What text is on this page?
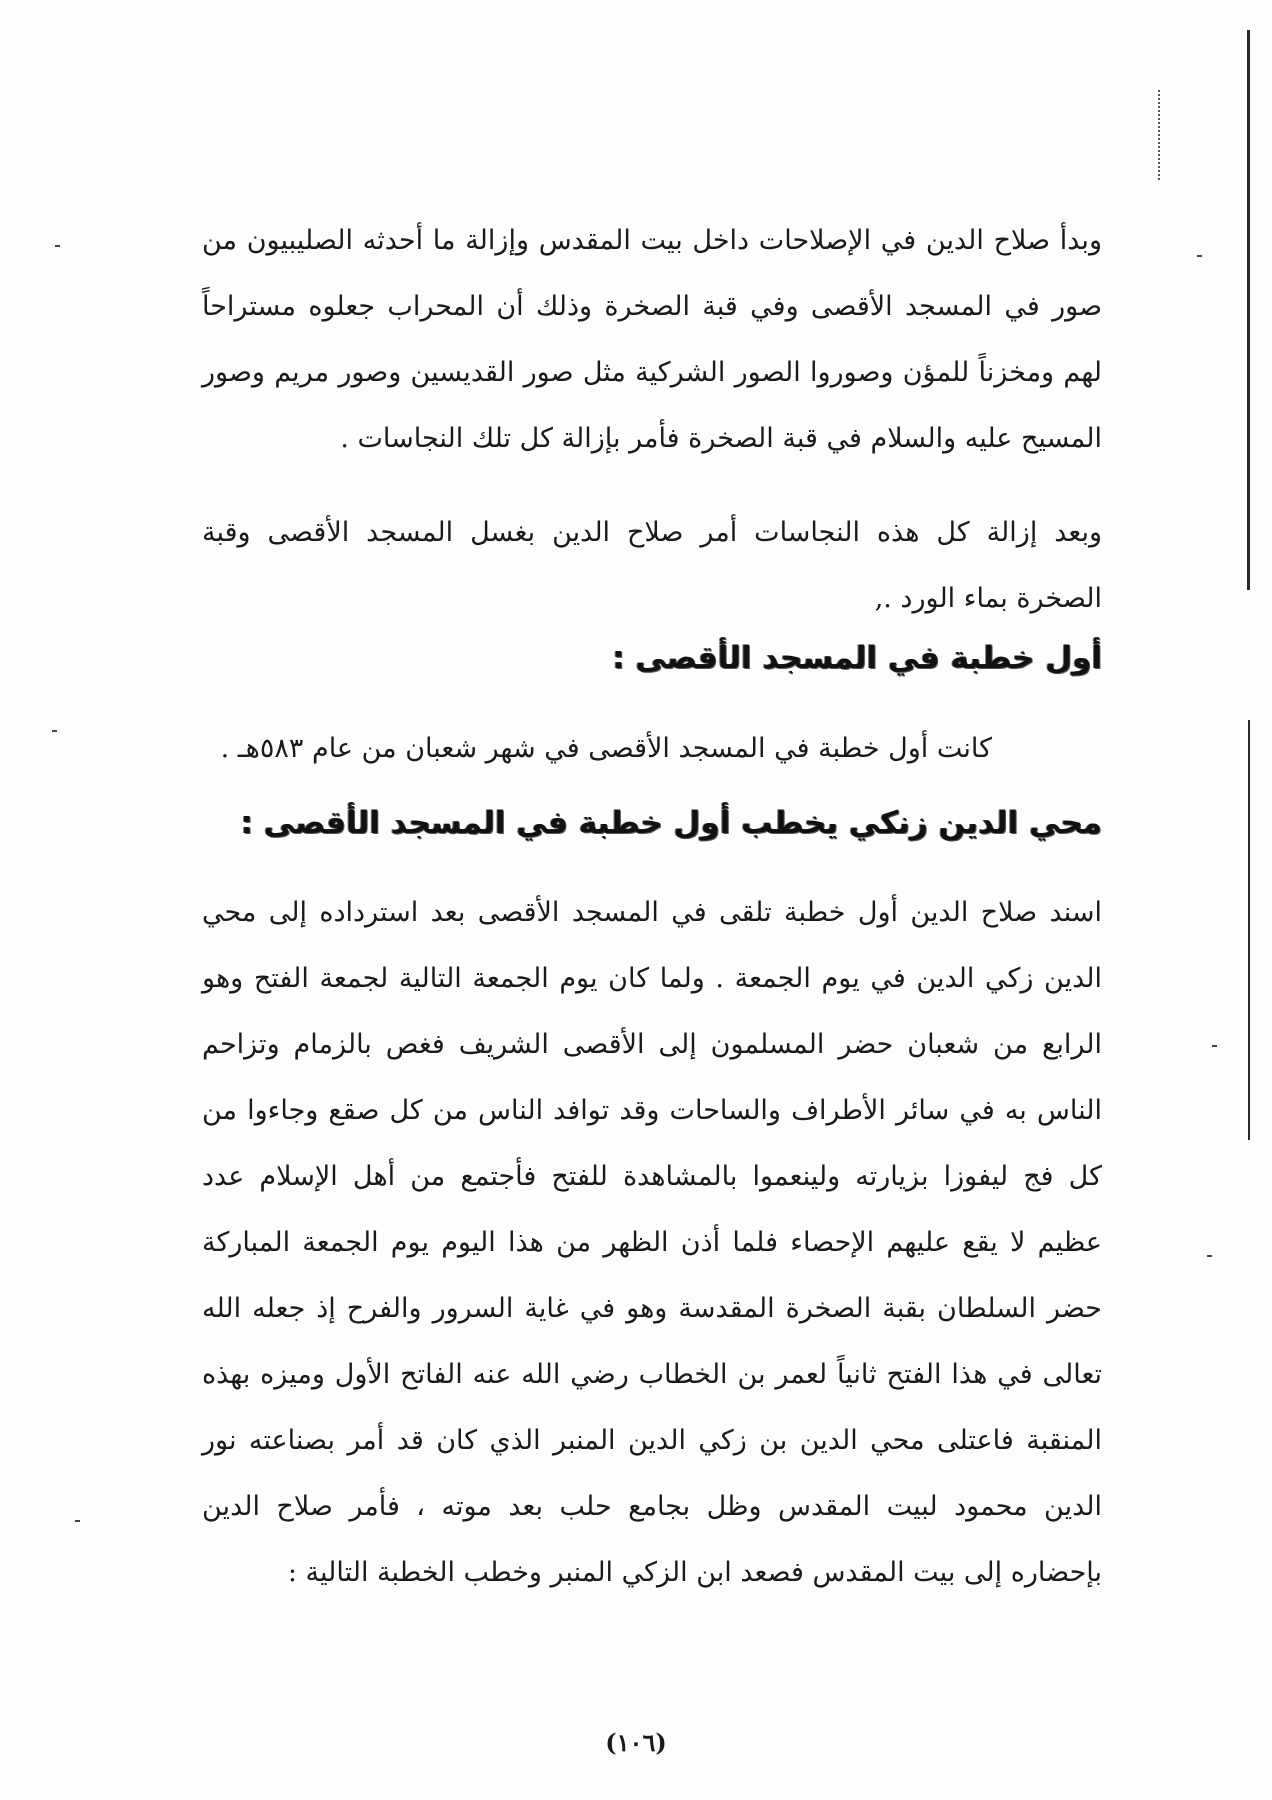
وبدأ صلاح الدين في الإصلاحات داخل بيت المقدس وإزالة ما أحدثه الصليبيون من صور في المسجد الأقصى وفي قبة الصخرة وذلك أن المحراب جعلوه مستراحاً لهم ومخزناً للمؤن وصوروا الصور الشركية مثل صور القديسين وصور مريم وصور المسيح عليه والسلام في قبة الصخرة فأمر بإزالة كل تلك النجاسات .

وبعد إزالة كل هذه النجاسات أمر صلاح الدين بغسل المسجد الأقصى وقبة الصخرة بماء الورد .,

أول خطبة في المسجد الأقصى :

كانت أول خطبة في المسجد الأقصى في شهر شعبان من عام ٥٨٣هـ .

محي الدين زنكي يخطب أول خطبة في المسجد الأقصى :

اسند صلاح الدين أول خطبة تلقى في المسجد الأقصى بعد استرداده إلى محي الدين زكي الدين في يوم الجمعة . ولما كان يوم الجمعة التالية لجمعة الفتح وهو الرابع من شعبان حضر المسلمون إلى الأقصى الشريف فغص بالزمام وتزاحم الناس به في سائر الأطراف والساحات وقد توافد الناس من كل صقع وجاءوا من كل فج ليفوزا بزيارته ولينعموا بالمشاهدة للفتح فأجتمع من أهل الإسلام عدد عظيم لا يقع عليهم الإحصاء فلما أذن الظهر من هذا اليوم يوم الجمعة المباركة حضر السلطان بقبة الصخرة المقدسة وهو في غاية السرور والفرح إذ جعله الله تعالى في هذا الفتح ثانياً لعمر بن الخطاب رضي الله عنه الفاتح الأول وميزه بهذه المنقبة فاعتلى محي الدين بن زكي الدين المنبر الذي كان قد أمر بصناعته نور الدين محمود لبيت المقدس وظل بجامع حلب بعد موته ، فأمر صلاح الدين بإحضاره إلى بيت المقدس فصعد ابن الزكي المنبر وخطب الخطبة التالية :

(١٠٦)
